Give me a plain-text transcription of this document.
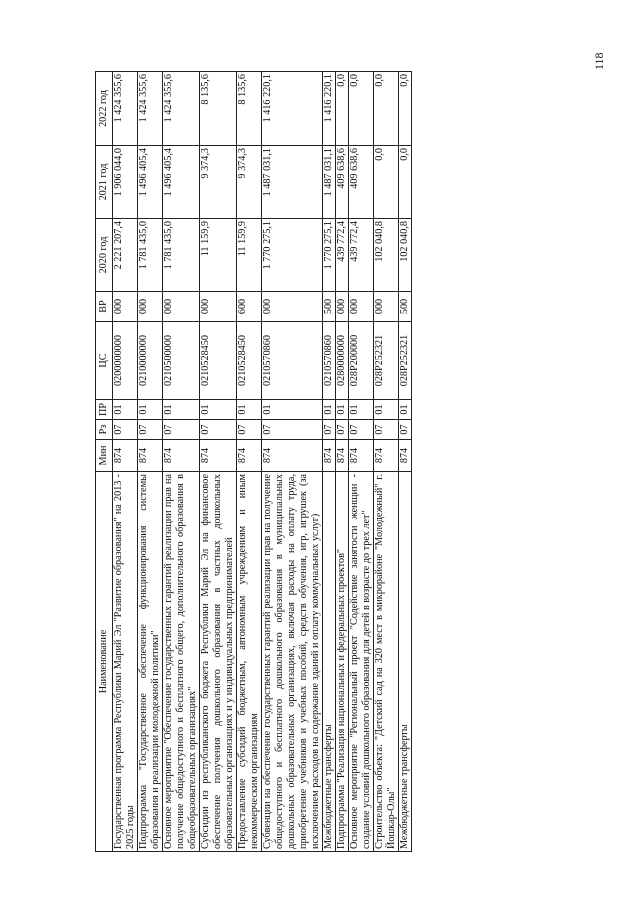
118
Наименование	Мин	Рз	ПР	ЦС	ВР	2020 год	2021 год	2022 год
Государственная программа Республики Марий Эл "Развитие образования" на 2013 - 2025 годы	874	07	01	0200000000	000	2 221 207,4	1 906 044,0	1 424 355,6
Подпрограмма "Государственное обеспечение функционирования системы образования и реализации молодежной политики"	874	07	01	0210000000	000	1 781 435,0	1 496 405,4	1 424 355,6
Основное мероприятие "Обеспечение государственных гарантий реализации прав на получение общедоступного и бесплатного общего, дополнительного образования в общеобразовательных организациях"	874	07	01	0210500000	000	1 781 435,0	1 496 405,4	1 424 355,6
Субсидии из республиканского бюджета Республики Марий Эл на финансовое обеспечение получения дошкольного образования в частных дошкольных образовательных организациях и у индивидуальных предпринимателей	874	07	01	0210528450	000	11 159,9	9 374,3	8 135,6
Предоставление субсидий бюджетным, автономным учреждениям и иным некоммерческим организациям	874	07	01	0210528450	600	11 159,9	9 374,3	8 135,6
Субвенции на обеспечение государственных гарантий реализации прав на получение общедоступного и бесплатного дошкольного образования в муниципальных дошкольных образовательных организациях, включая расходы на оплату труда, приобретение учебников и учебных пособий, средств обучения, игр, игрушек (за исключением расходов на содержание зданий и оплату коммунальных услуг)	874	07	01	0210570860	000	1 770 275,1	1 487 031,1	1 416 220,1
Межбюджетные трансферты	874	07	01	0210570860	500	1 770 275,1	1 487 031,1	1 416 220,1
Подпрограмма "Реализация национальных и федеральных проектов"	874	07	01	0280000000	000	439 772,4	409 638,6	0,0
Основное мероприятие "Региональный проект "Содействие занятости женщин - создание условий дошкольного образования для детей в возрасте до трех лет"	874	07	01	028P200000	000	439 772,4	409 638,6	0,0
Строительство объекта: "Детский сад на 320 мест в микрорайоне "Молодежный" г. Йошкар-Олы"	874	07	01	028P252321	000	102 040,8	0,0	0,0
Межбюджетные трансферты	874	07	01	028P252321	500	102 040,8	0,0	0,0
